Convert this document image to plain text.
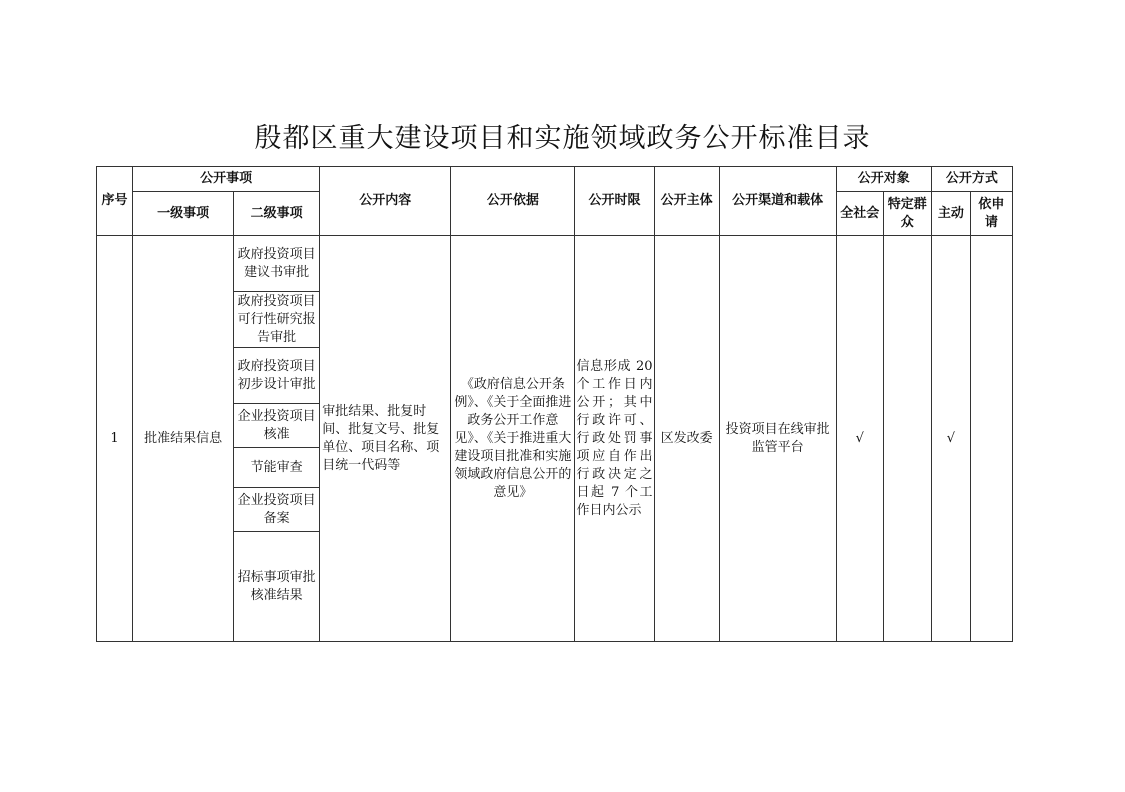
殷都区重大建设项目和实施领域政务公开标准目录
序号	公开事项		公开内容	公开依据	公开时限	公开主体	公开渠道和载体	公开对象		公开方式	
	一级事项	二级事项						全社会	特定群众	主动	依申请
1	批准结果信息	政府投资项目建议书审批	审批结果、批复时间、批复文号、批复单位、项目名称、项目统一代码等	《政府信息公开条例》、《关于全面推进政务公开工作意见》、《关于推进重大建设项目批准和实施领域政府信息公开的意见》	信息形成 20 个工作日内公开；其中行政许可、行政处罚事项应自作出行政决定之日起 7 个工作日内公示	区发改委	投资项目在线审批监管平台	√		√	
		政府投资项目可行性研究报告审批									
		政府投资项目初步设计审批									
		企业投资项目核准									
		节能审查									
		企业投资项目备案									
		招标事项审批核准结果									
